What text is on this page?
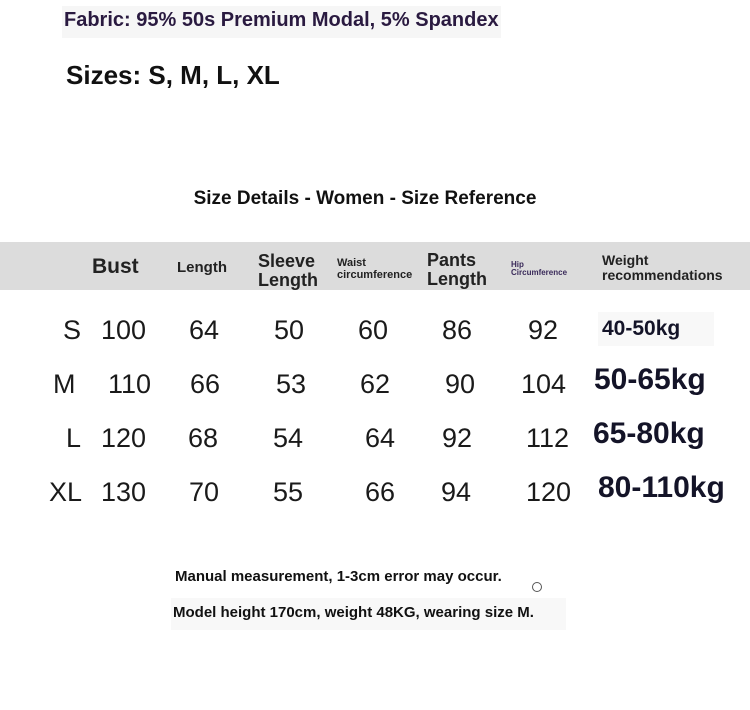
Fabric: 95% 50s Premium Modal, 5% Spandex
Sizes: S, M, L, XL
Size Details - Women - Size Reference
Bust	Length Sleeve
Length
Waist
circumference
Pants
Length
Hip
Circumference
Weight
recommendations
S 100 64 50 60 86 92 40-50kg
M 110 66 53 62 90 104 50-65kg
L 120 68 54 64 92 112 65-80kg
XL 130 70 55 66 94 120 80-110kg
Manual measurement, 1-3cm error may occur.
Model height 170cm, weight 48KG, wearing size M.
